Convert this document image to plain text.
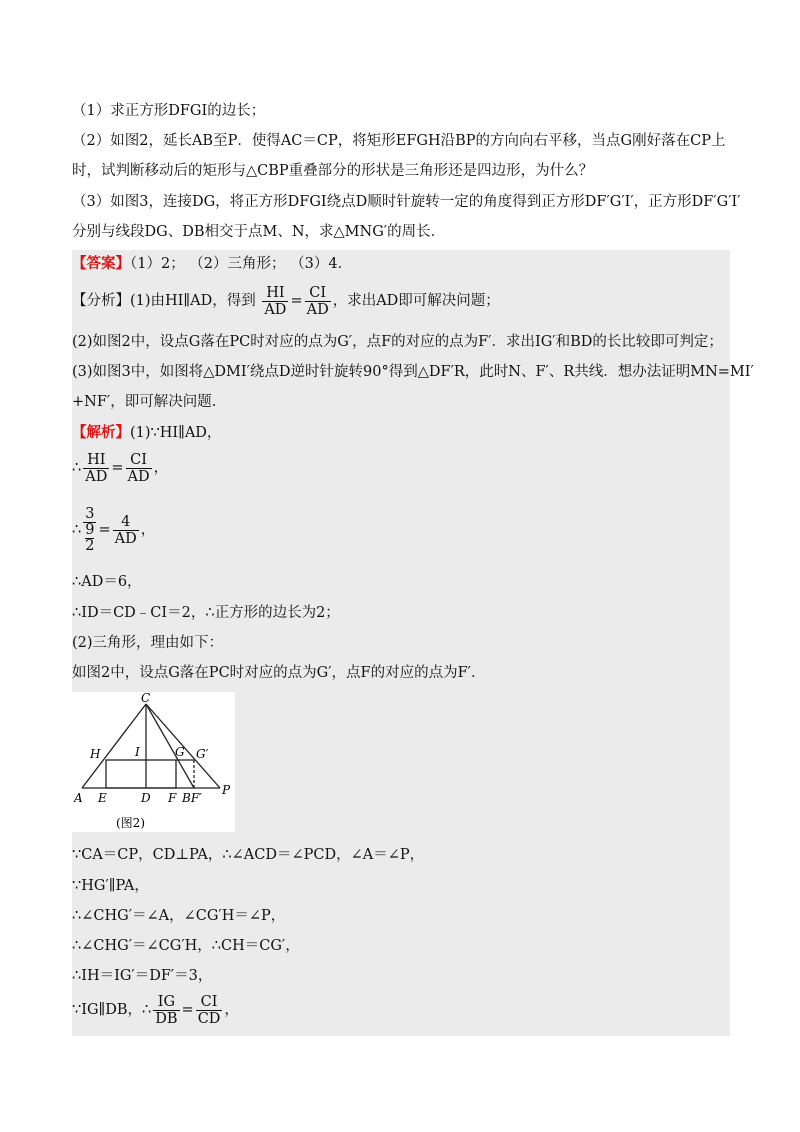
（1）求正方形DFGI的边长；
（2）如图2，延长AB至P．使得AC＝CP，将矩形EFGH沿BP的方向向右平移，当点G刚好落在CP上
时，试判断移动后的矩形与△CBP重叠部分的形状是三角形还是四边形，为什么？
（3）如图3，连接DG，将正方形DFGI绕点D顺时针旋转一定的角度得到正方形DF′G′I′，正方形DF′G′I′
分别与线段DG、DB相交于点M、N，求△MNG′的周长．
【答案】（1）2； （2）三角形； （3）4．
【分析】(1)由HI∥AD，得到 $\frac{HI}{AD} = \frac{CI}{AD}$ ，求出AD即可解决问题；
(2)如图2中，设点G落在PC时对应的点为G′，点F的对应的点为F′．求出IG′和BD的长比较即可判定；
(3)如图3中，如图将△DMI′绕点D逆时针旋转90°得到△DF′R，此时N、F′、R共线．想办法证明MN=MI′
+NF′，即可解决问题.
【解析】(1)∵HI∥AD，
∴ $\frac{HI}{AD} = \frac{CI}{AD}$ ，
∴ 3
9
$2 = \frac{4}{AD}$ ，
∴AD＝6，
∴ID＝CD﹣CI＝2，∴正方形的边长为2；
(2)三角形，理由如下：
如图2中，设点G落在PC时对应的点为G′，点F的对应的点为F′．
C
H	I	G G′
A E	D F BF′
P
(图2)
∵CA＝CP，CD⊥PA，∴∠ACD＝∠PCD，∠A＝∠P，
∵HG′∥PA，
∴∠CHG′＝∠A，∠CG′H＝∠P，
∴∠CHG′＝∠CG′H，∴CH＝CG′，
∴IH＝IG′＝DF′＝3，
∵IG∥DB，∴ $\frac{IG}{DB} = \frac{CI}{CD}$ ，
